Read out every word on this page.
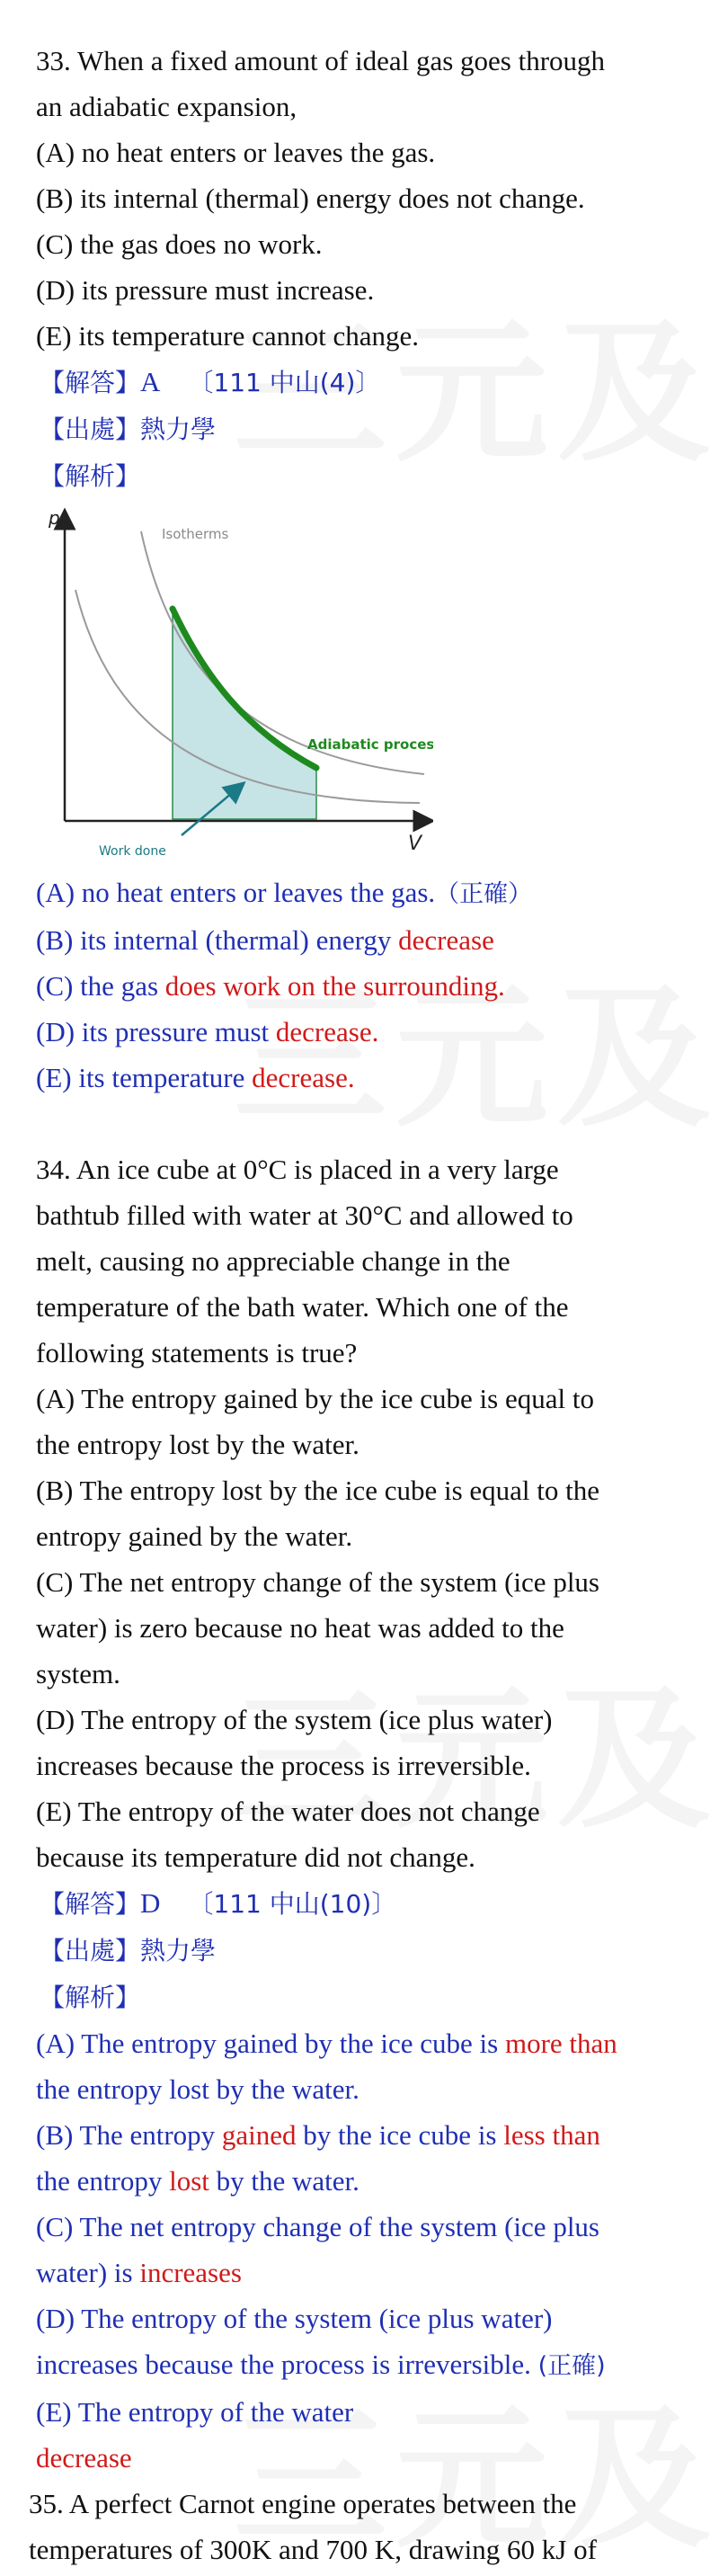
33. When a fixed amount of ideal gas goes through
an adiabatic expansion,
(A) no heat enters or leaves the gas.
(B) its internal (thermal) energy does not change.
(C) the gas does no work.
(D) its pressure must increase.
(E) its temperature cannot change.
【解答】A 〔111 中山(4)〕
【出處】熱力學
【解析】
p
V
Isotherms
Adiabatic process
Work done
(A) no heat enters or leaves the gas.（正確）
(B) its internal (thermal) energy decrease
(C) the gas does work on the surrounding.
(D) its pressure must decrease.
(E) its temperature decrease.
34. An ice cube at 0°C is placed in a very large
bathtub filled with water at 30°C and allowed to
melt, causing no appreciable change in the
temperature of the bath water. Which one of the
following statements is true?
(A) The entropy gained by the ice cube is equal to
the entropy lost by the water.
(B) The entropy lost by the ice cube is equal to the
entropy gained by the water.
(C) The net entropy change of the system (ice plus
water) is zero because no heat was added to the
system.
(D) The entropy of the system (ice plus water)
increases because the process is irreversible.
(E) The entropy of the water does not change
because its temperature did not change.
【解答】D 〔111 中山(10)〕
【出處】熱力學
【解析】
(A) The entropy gained by the ice cube is more than
the entropy lost by the water.
(B) The entropy gained by the ice cube is less than
the entropy lost by the water.
(C) The net entropy change of the system (ice plus
water) is increases
(D) The entropy of the system (ice plus water)
increases because the process is irreversible. (正確)
(E) The entropy of the water
decrease
35. A perfect Carnot engine operates between the
temperatures of 300K and 700 K, drawing 60 kJ of
